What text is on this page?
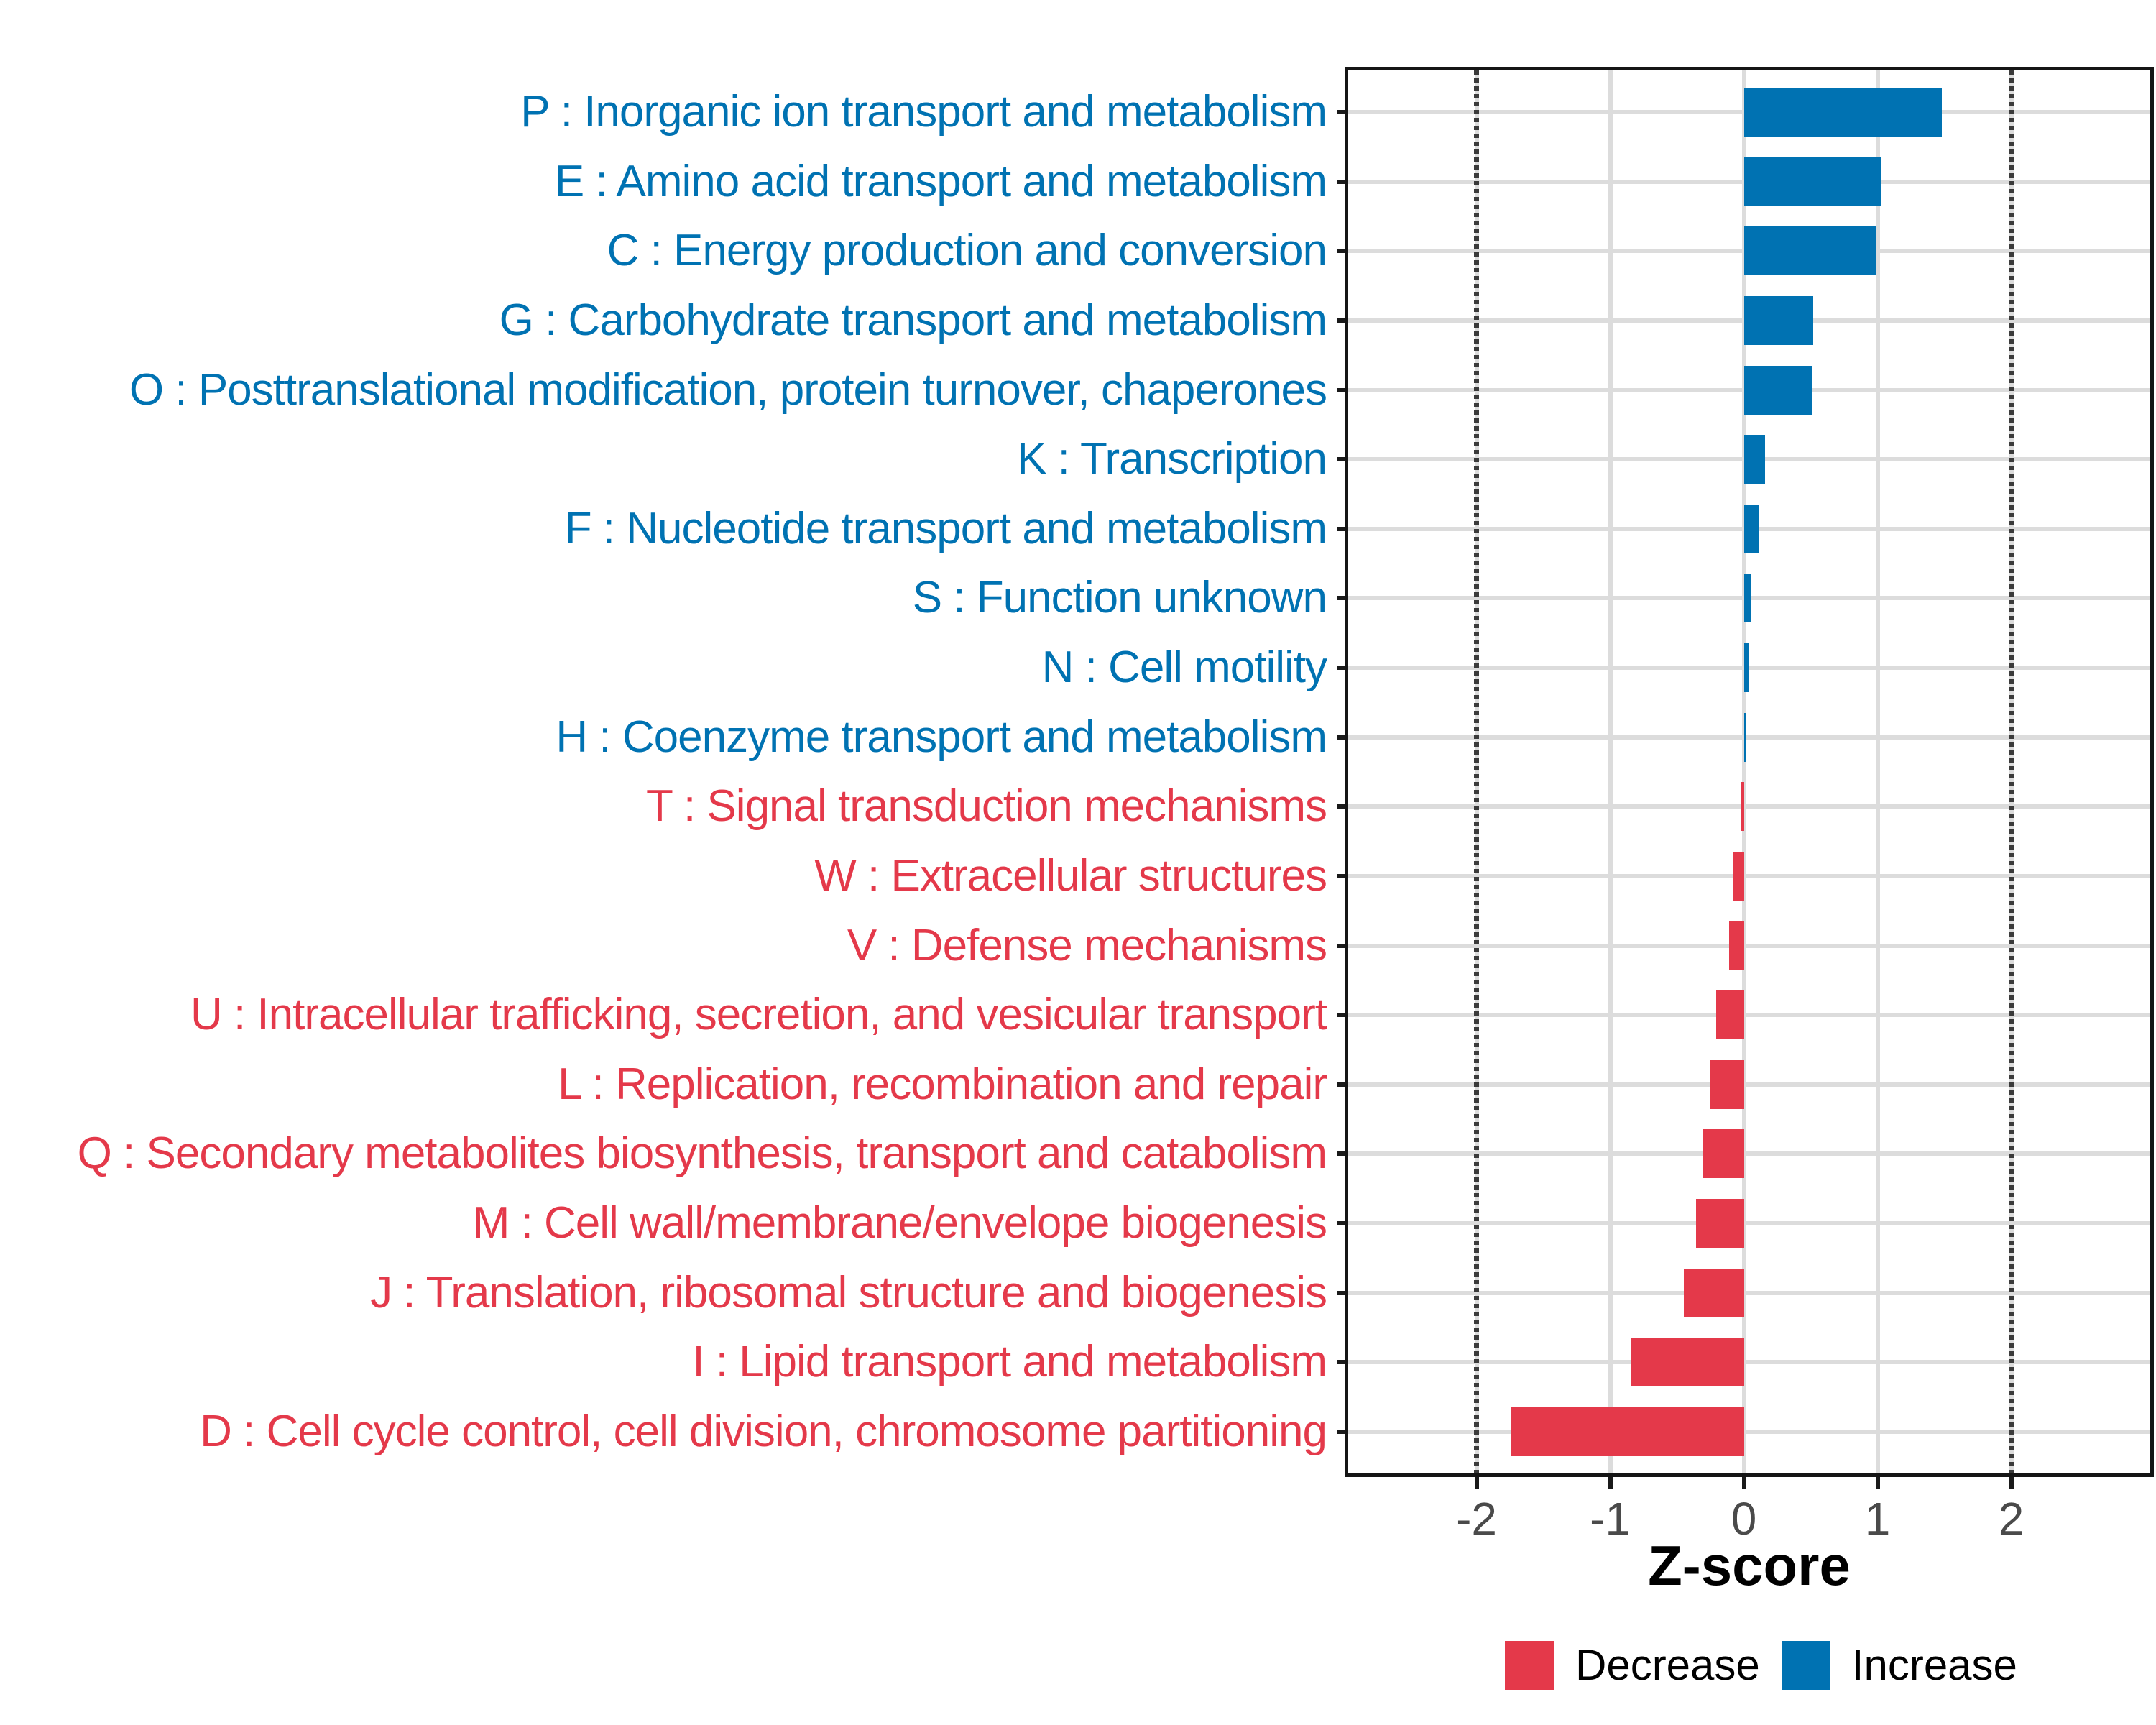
P : Inorganic ion transport and metabolism
E : Amino acid transport and metabolism
C : Energy production and conversion
G : Carbohydrate transport and metabolism
O : Posttranslational modification, protein turnover, chaperones
K : Transcription
F : Nucleotide transport and metabolism
S : Function unknown
N : Cell motility
H : Coenzyme transport and metabolism
T : Signal transduction mechanisms
W : Extracellular structures
V : Defense mechanisms
U : Intracellular trafficking, secretion, and vesicular transport
L : Replication, recombination and repair
Q : Secondary metabolites biosynthesis, transport and catabolism
M : Cell wall/membrane/envelope biogenesis
J : Translation, ribosomal structure and biogenesis
I : Lipid transport and metabolism
D : Cell cycle control, cell division, chromosome partitioning
-2	-1	0	1	2
Z-score
Decrease Increase
